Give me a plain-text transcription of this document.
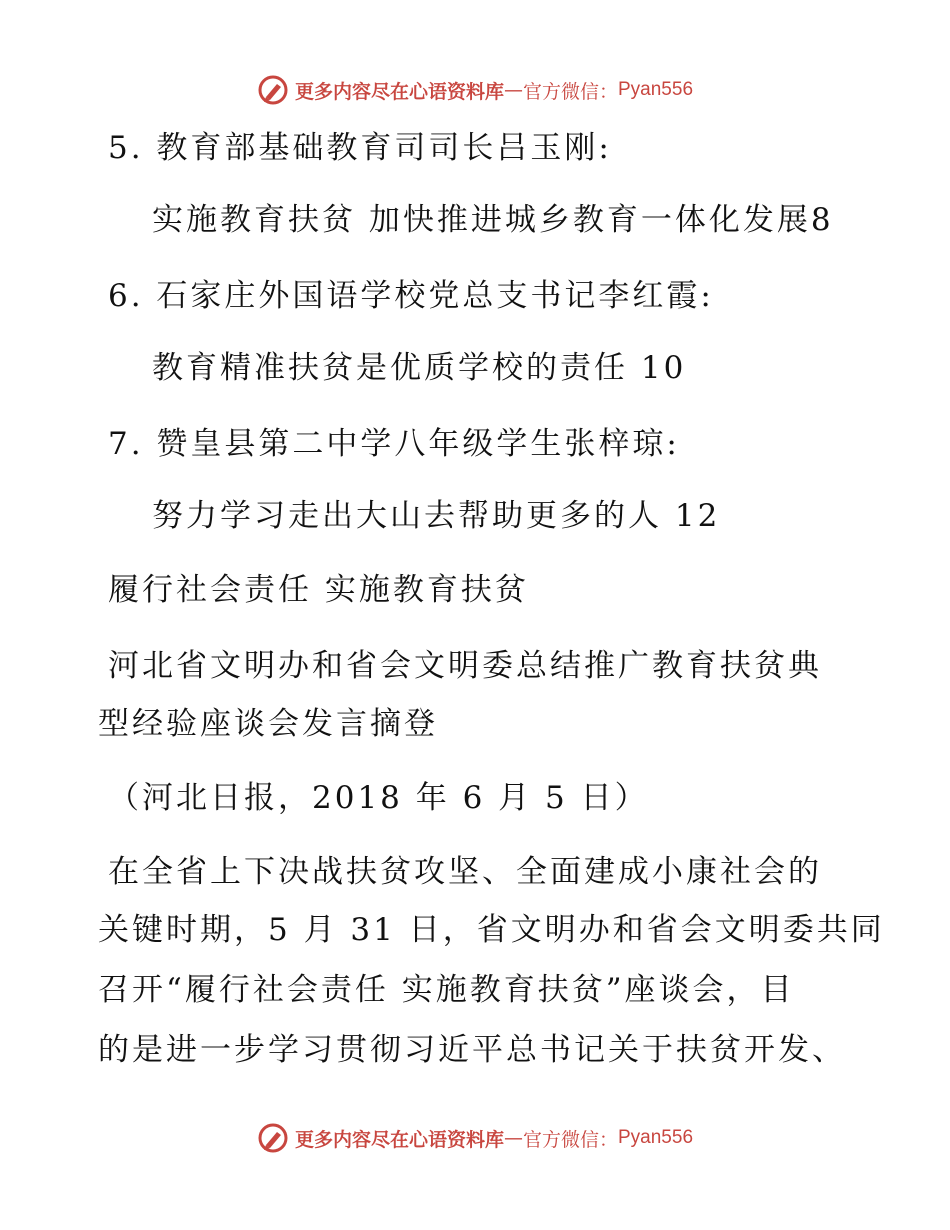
更多内容尽在心语资料库 — 官方微信： Pyan556
5. 教育部基础教育司司长吕玉刚:
实施教育扶贫 加快推进城乡教育一体化发展8
6. 石家庄外国语学校党总支书记李红霞:
教育精准扶贫是优质学校的责任 10
7. 赞皇县第二中学八年级学生张梓琼:
努力学习走出大山去帮助更多的人 12
履行社会责任 实施教育扶贫
河北省文明办和省会文明委总结推广教育扶贫典
型经验座谈会发言摘登
（河北日报，2018 年 6 月 5 日）
在全省上下决战扶贫攻坚、全面建成小康社会的
关键时期，5 月 31 日，省文明办和省会文明委共同
召开“履行社会责任 实施教育扶贫”座谈会，目
的是进一步学习贯彻习近平总书记关于扶贫开发、
更多内容尽在心语资料库 — 官方微信： Pyan556
